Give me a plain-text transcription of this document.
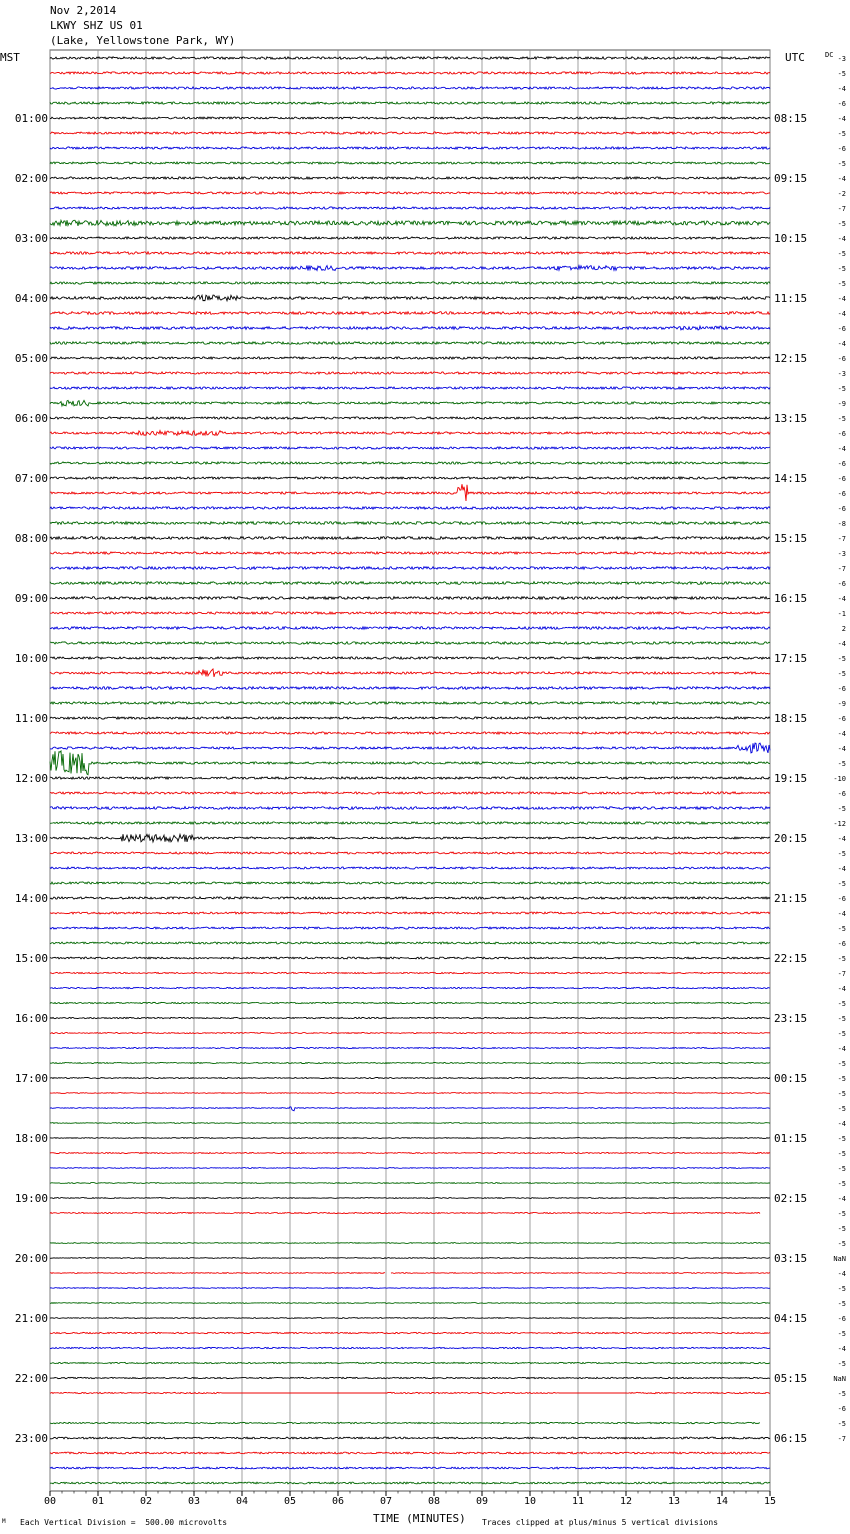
Nov 2,2014
LKWY SHZ US 01
(Lake, Yellowstone Park, WY)
MST	UTC
00	01	02	03	04	05	06	07	08	09	10	11	12	13	14	15
01:00
02:00
03:00
04:00
05:00
06:00
07:00
08:00
09:00
10:00
11:00
12:00
13:00
14:00
15:00
16:00
17:00
18:00
19:00
20:00
21:00
22:00
23:00
08:15
09:15
10:15
11:15
12:15
13:15
14:15
15:15
16:15
17:15
18:15
19:15
20:15
21:15
22:15
23:15
00:15
01:15
02:15
03:15
04:15
05:15
06:15
DC -3
-5
-4
-6
-4
-5
-6
-5
-4
-2
-7
-5
-4
-5
-5
-5
-4
-4
-6
-4
-6
-3
-5
-9
-5
-6
-4
-6
-6
-6
-6
-8
-7
-3
-7
-6
-4
-1
2
-4
-5
-5
-6
-9
-6
-4
-4
-5
-10
-6
-5
-12
-4
-5
-4
-5
-6
-4
-5
-6
-5
-7
-4
-5
-5
-5
-4
-5
-5
-5
-5
-4
-5
-5
-5
-5
-4
-5
-5
-5
NaN
-4
-5
-5
-6
-5
-4
-5
NaN
-5
-6
-5
-7
M Each Vertical Division =  500.00 microvolts	TIME (MINUTES) Traces clipped at plus/minus 5 vertical divisions
